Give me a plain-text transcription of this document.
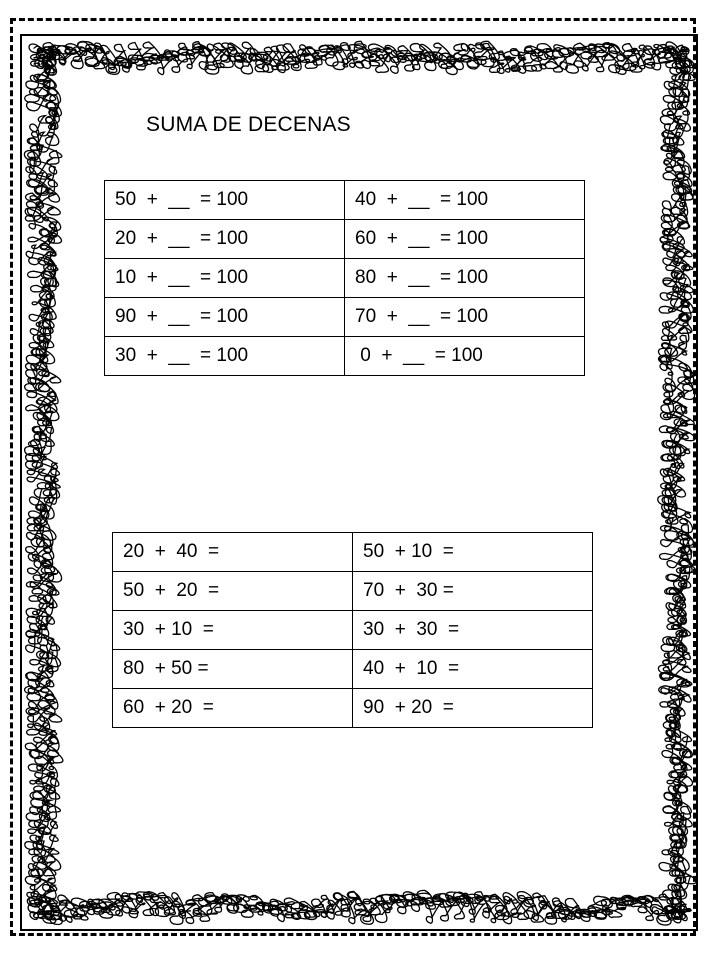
SUMA DE DECENAS
50  +  __  = 100	40  +  __  = 100
20  +  __  = 100	60  +  __  = 100
10  +  __  = 100	80  +  __  = 100
90  +  __  = 100	70  +  __  = 100
30  +  __  = 100	0  +  __  = 100
20  +  40  =	50  + 10  =
50  +  20  =	70  +  30 =
30  + 10  =	30  +  30  =
80  + 50 =	40  +  10  =
60  + 20  =	90  + 20  =
